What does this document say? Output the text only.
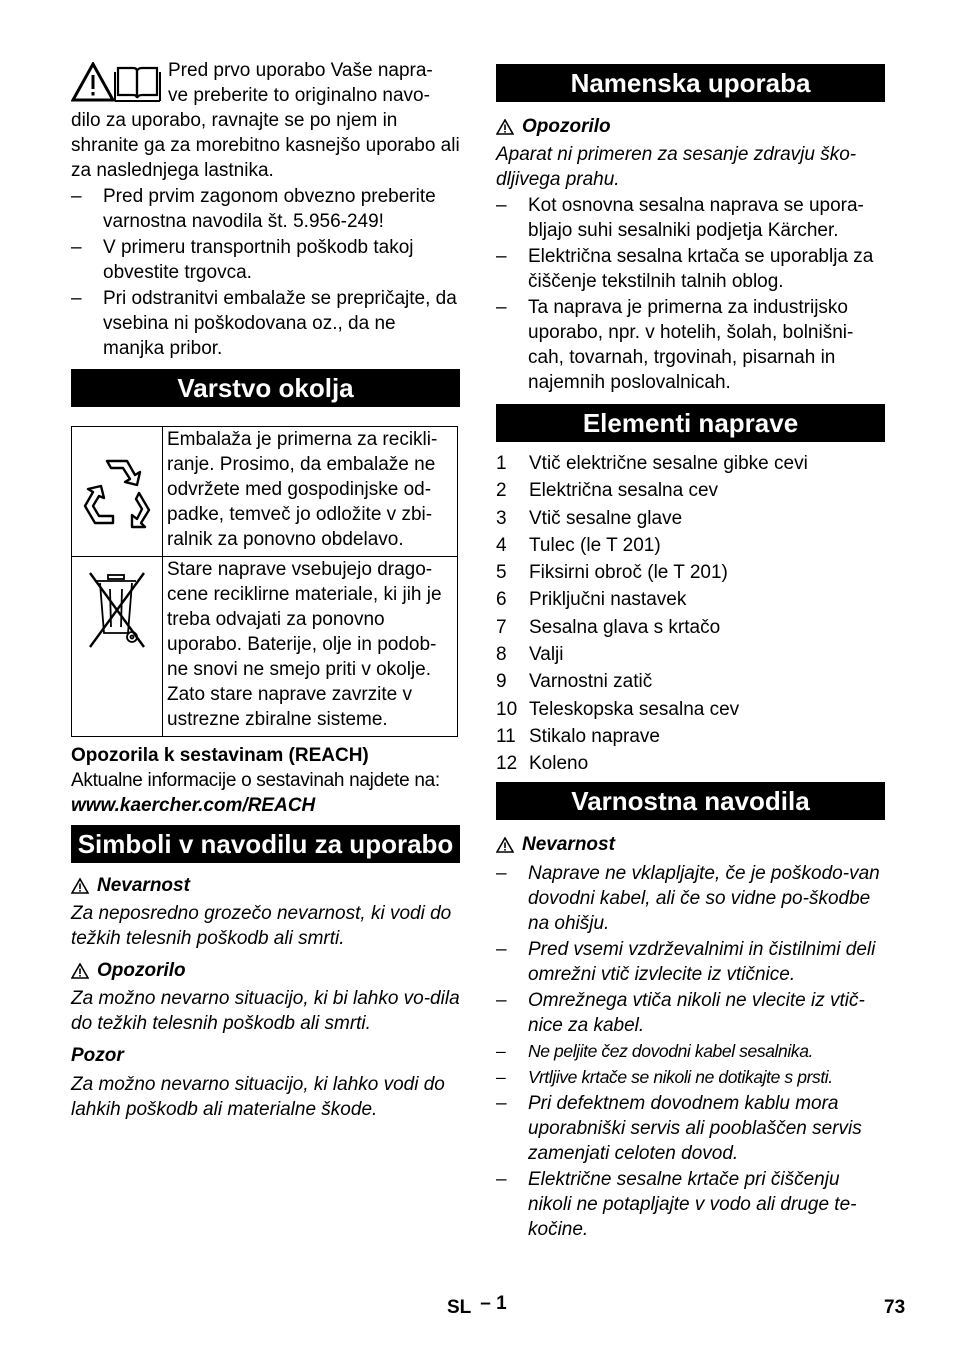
Pred prvo uporabo Vaše napra-

ve preberite to originalno navo-

dilo za uporabo, ravnajte se po njem in shranite ga za morebitno kasnejšo uporabo ali za naslednjega lastnika.

– Pred prvim zagonom obvezno preberite varnostna navodila št. 5.956-249!
– V primeru transportnih poškodb takoj obvestite trgovca.
– Pri odstranitvi embalaže se prepričajte, da vsebina ni poškodovana oz., da ne manjka pribor.
Varstvo okolja
	Embalaža je primerna za recikli-ranje. Prosimo, da embalaže ne odvržete med gospodinjske od-padke, temveč jo odložite v zbi-ralnik za ponovno obdelavo.
	Stare naprave vsebujejo drago-cene reciklirne materiale, ki jih je treba odvajati za ponovno uporabo. Baterije, olje in podob-ne snovi ne smejo priti v okolje. Zato stare naprave zavrzite v ustrezne zbiralne sisteme.

Opozorila k sestavinam (REACH)

Aktualne informacije o sestavinah najdete na:

www.kaercher.com/REACH

Simboli v navodilu za uporabo
Nevarnost

Za neposredno grozečo nevarnost, ki vodi do težkih telesnih poškodb ali smrti.

Opozorilo

Za možno nevarno situacijo, ki bi lahko vo-dila do težkih telesnih poškodb ali smrti.

Pozor

Za možno nevarno situacijo, ki lahko vodi do lahkih poškodb ali materialne škode.

Namenska uporaba
Opozorilo

Aparat ni primeren za sesanje zdravju ško-dljivega prahu.

– Kot osnovna sesalna naprava se upora-bljajo suhi sesalniki podjetja Kärcher.
– Električna sesalna krtača se uporablja za čiščenje tekstilnih talnih oblog.
– Ta naprava je primerna za industrijsko uporabo, npr. v hotelih, šolah, bolnišni-cah, tovarnah, trgovinah, pisarnah in najemnih poslovalnicah.
Elementi naprave
1	Vtič električne sesalne gibke cevi
2	Električna sesalna cev
3	Vtič sesalne glave
4	Tulec (le T 201)
5	Fiksirni obroč (le T 201)
6	Priključni nastavek
7	Sesalna glava s krtačo
8	Valji
9	Varnostni zatič
10 Teleskopska sesalna cev
11 Stikalo naprave
12 Koleno
Varnostna navodila
Nevarnost
– Naprave ne vklapljajte, če je poškodo-van dovodni kabel, ali če so vidne po-škodbe na ohišju.
– Pred vsemi vzdrževalnimi in čistilnimi deli omrežni vtič izvlecite iz vtičnice.
– Omrežnega vtiča nikoli ne vlecite iz vtič-nice za kabel.
– Ne peljite čez dovodni kabel sesalnika.
– Vrtljive krtače se nikoli ne dotikajte s prsti.
– Pri defektnem dovodnem kablu mora uporabniški servis ali pooblaščen servis zamenjati celoten dovod.
– Električne sesalne krtače pri čiščenju nikoli ne potapljajte v vodo ali druge te-kočine.
SL – 1	73
